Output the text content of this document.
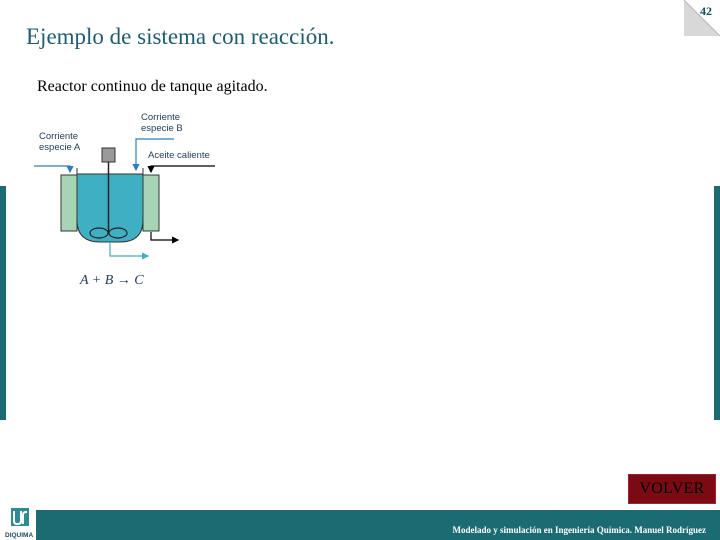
42
Ejemplo de sistema con reacción.
Reactor continuo de tanque agitado.
Corriente
especie A
Corriente
especie B
Aceite caliente
A + B → C
VOLVER
DIQUIMA
Modelado y simulación en Ingeniería Química. Manuel Rodríguez
